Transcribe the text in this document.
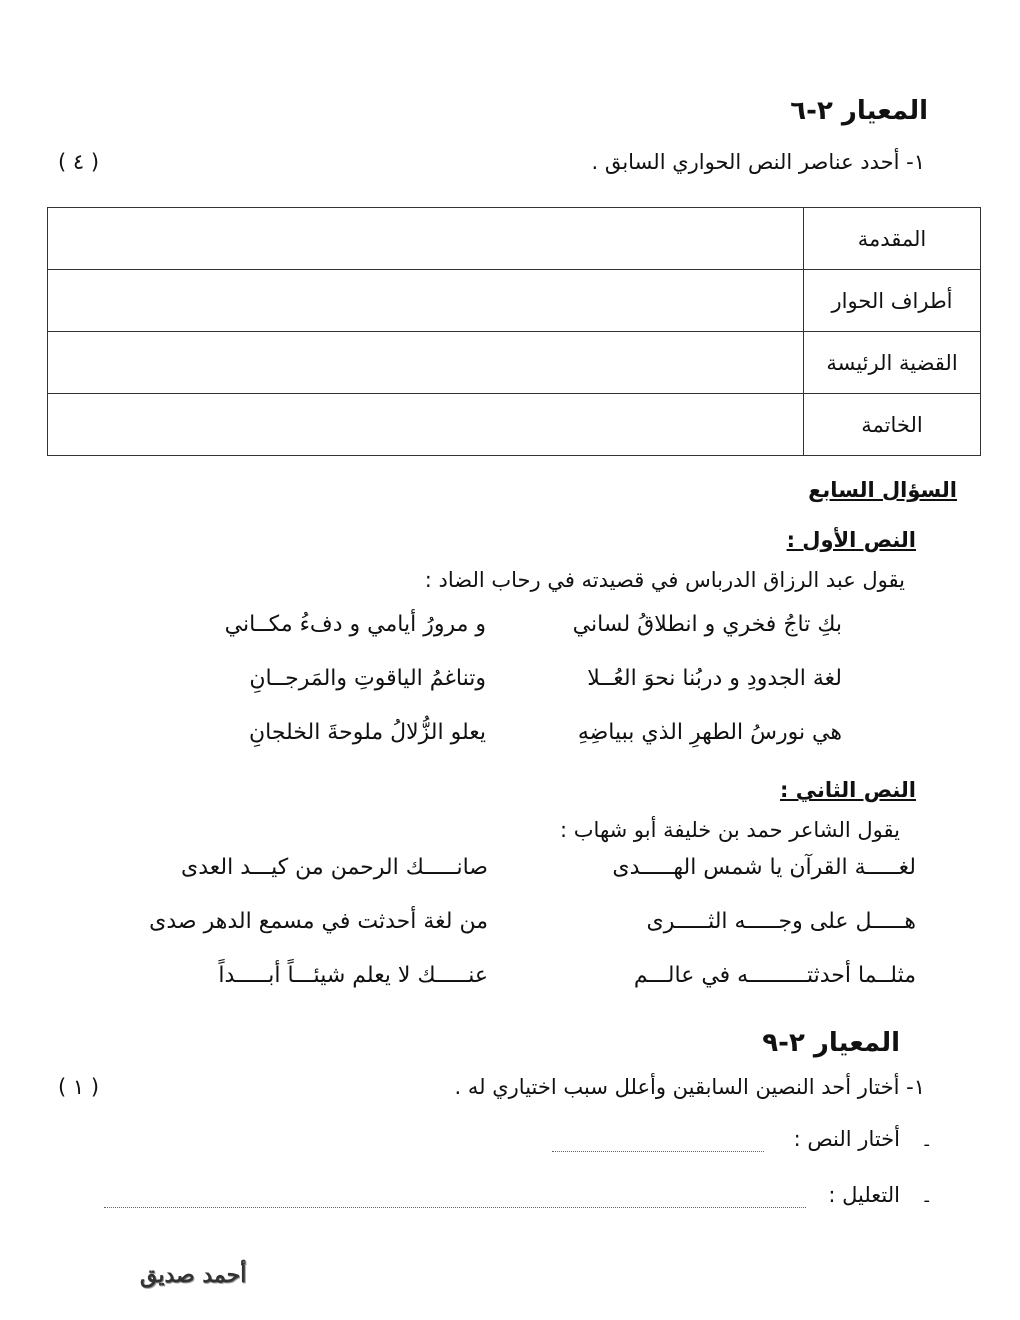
المعيار ٢-٦
١- أحدد عناصر النص الحواري السابق .
( ٤ )
المقدمة	
أطراف الحوار	
القضية الرئيسة	
الخاتمة	
السؤال السابع
النص الأول :
يقول عبد الرزاق الدرباس في قصيدته في رحاب الضاد :
بكِ تاجُ فخري و انطلاقُ لساني
و مرورُ أيامي و دفءُ مكــاني
لغة الجدودِ و دربُنا نحوَ العُــلا
وتناغمُ الياقوتِ والمَرجــانِ
هي نورسُ الطهرِ الذي ببياضِهِ
يعلو الزُّلالُ ملوحةَ الخلجانِ
النص الثاني :
يقول الشاعر حمد بن خليفة أبو شهاب :
لغـــــة القرآن يا شمس الهـــــدى
صانـــــك الرحمن من كيـــد العدى
هـــــل على وجـــــه الثـــــرى
من لغة أحدثت في مسمع الدهر صدى
مثلــما أحدثتـــــــــه في عالـــم
عنـــــك لا يعلم شيئـــاً أبـــــداً
المعيار ٢-٩
١- أختار أحد النصين السابقين وأعلل سبب اختياري له .
( ١ )
-
أختار النص :
-
التعليل :
أحمد صديق
